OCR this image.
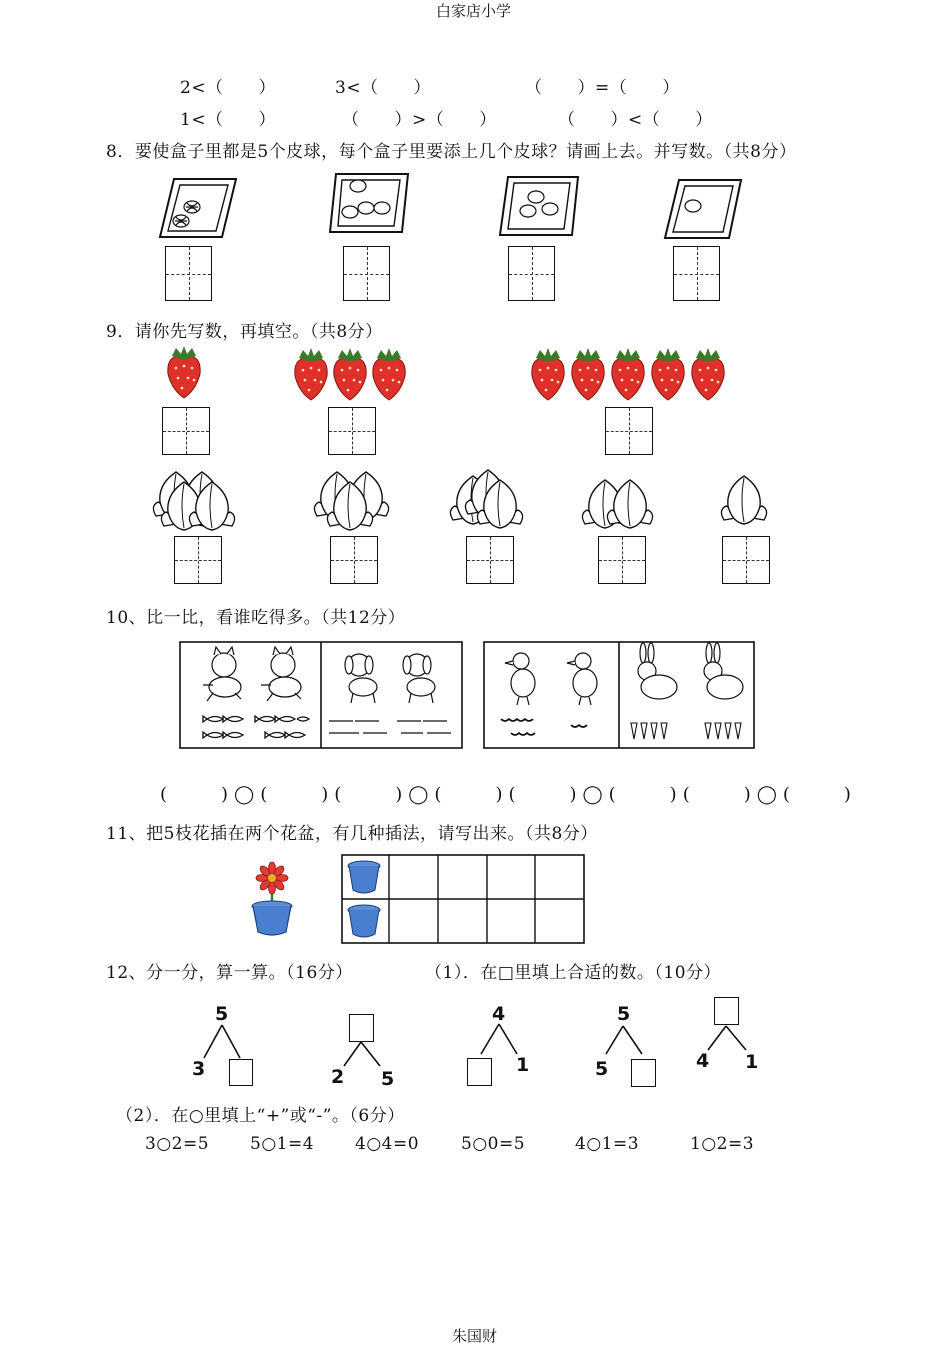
白家店小学
2<（　　）	3<（　　）	（　　）=（　　）
1<（　　）	（　　）>（　　）	（　　）<（　　）
8．要使盒子里都是5个皮球，每个盒子里要添上几个皮球？请画上去。并写数。（共8分）
9．请你先写数，再填空。（共8分）
10、比一比，看谁吃得多。（共12分）
(　　)◯(　　)(　　)◯(　　)(　　)◯(　　)(　　)◯(　　)
11、把5枝花插在两个花盆，有几种插法，请写出来。（共8分）
12、分一分，算一算。（16分）	（1）．在□里填上合适的数。（10分）
5
3	2 5
4
1
5
5	4 1
（2）．在○里填上“+”或“-”。（6分）
3○2=5 5○1=4 4○4=0 5○0=5	4○1=3	1○2=3
朱国财
